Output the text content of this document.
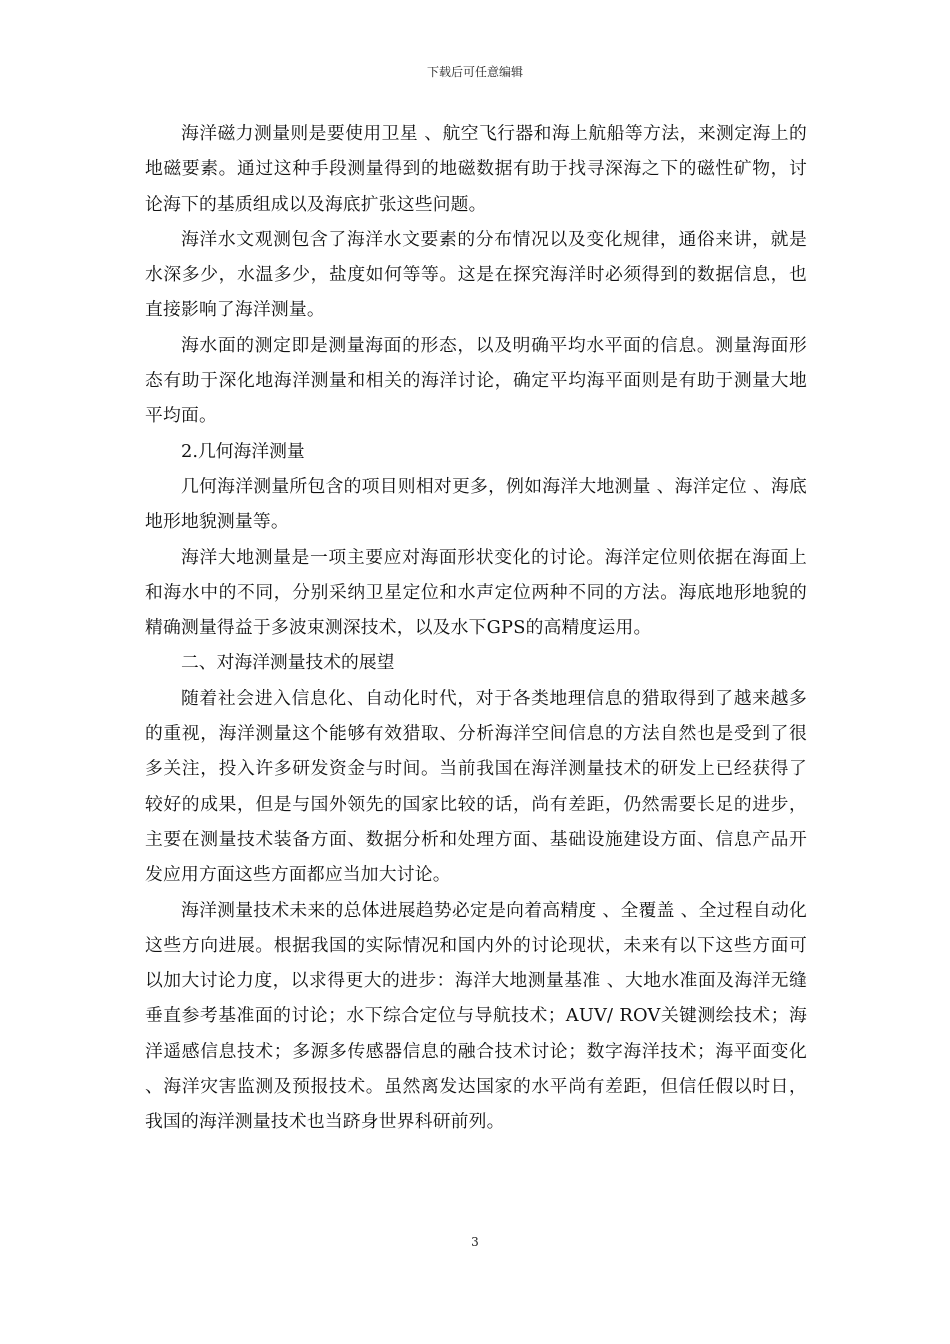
下载后可任意编辑

海洋磁力测量则是要使用卫星 、航空飞行器和海上航船等方法，来测定海上的地磁要素。通过这种手段测量得到的地磁数据有助于找寻深海之下的磁性矿物，讨论海下的基质组成以及海底扩张这些问题。

海洋水文观测包含了海洋水文要素的分布情况以及变化规律，通俗来讲，就是水深多少，水温多少，盐度如何等等。这是在探究海洋时必须得到的数据信息，也直接影响了海洋测量。

海水面的测定即是测量海面的形态，以及明确平均水平面的信息。测量海面形态有助于深化地海洋测量和相关的海洋讨论，确定平均海平面则是有助于测量大地平均面。

2.几何海洋测量

几何海洋测量所包含的项目则相对更多，例如海洋大地测量 、海洋定位 、海底地形地貌测量等。

海洋大地测量是一项主要应对海面形状变化的讨论。海洋定位则依据在海面上和海水中的不同，分别采纳卫星定位和水声定位两种不同的方法。海底地形地貌的精确测量得益于多波束测深技术，以及水下GPS的高精度运用。

二、对海洋测量技术的展望

随着社会进入信息化、自动化时代，对于各类地理信息的猎取得到了越来越多的重视，海洋测量这个能够有效猎取、分析海洋空间信息的方法自然也是受到了很多关注，投入许多研发资金与时间。当前我国在海洋测量技术的研发上已经获得了较好的成果，但是与国外领先的国家比较的话，尚有差距，仍然需要长足的进步，主要在测量技术装备方面、数据分析和处理方面、基础设施建设方面、信息产品开发应用方面这些方面都应当加大讨论。

海洋测量技术未来的总体进展趋势必定是向着高精度 、全覆盖 、全过程自动化这些方向进展。根据我国的实际情况和国内外的讨论现状，未来有以下这些方面可以加大讨论力度，以求得更大的进步：海洋大地测量基准 、大地水准面及海洋无缝垂直参考基准面的讨论；水下综合定位与导航技术；AUV/ ROV关键测绘技术；海洋遥感信息技术；多源多传感器信息的融合技术讨论；数字海洋技术；海平面变化 、海洋灾害监测及预报技术。虽然离发达国家的水平尚有差距，但信任假以时日，我国的海洋测量技术也当跻身世界科研前列。

3
